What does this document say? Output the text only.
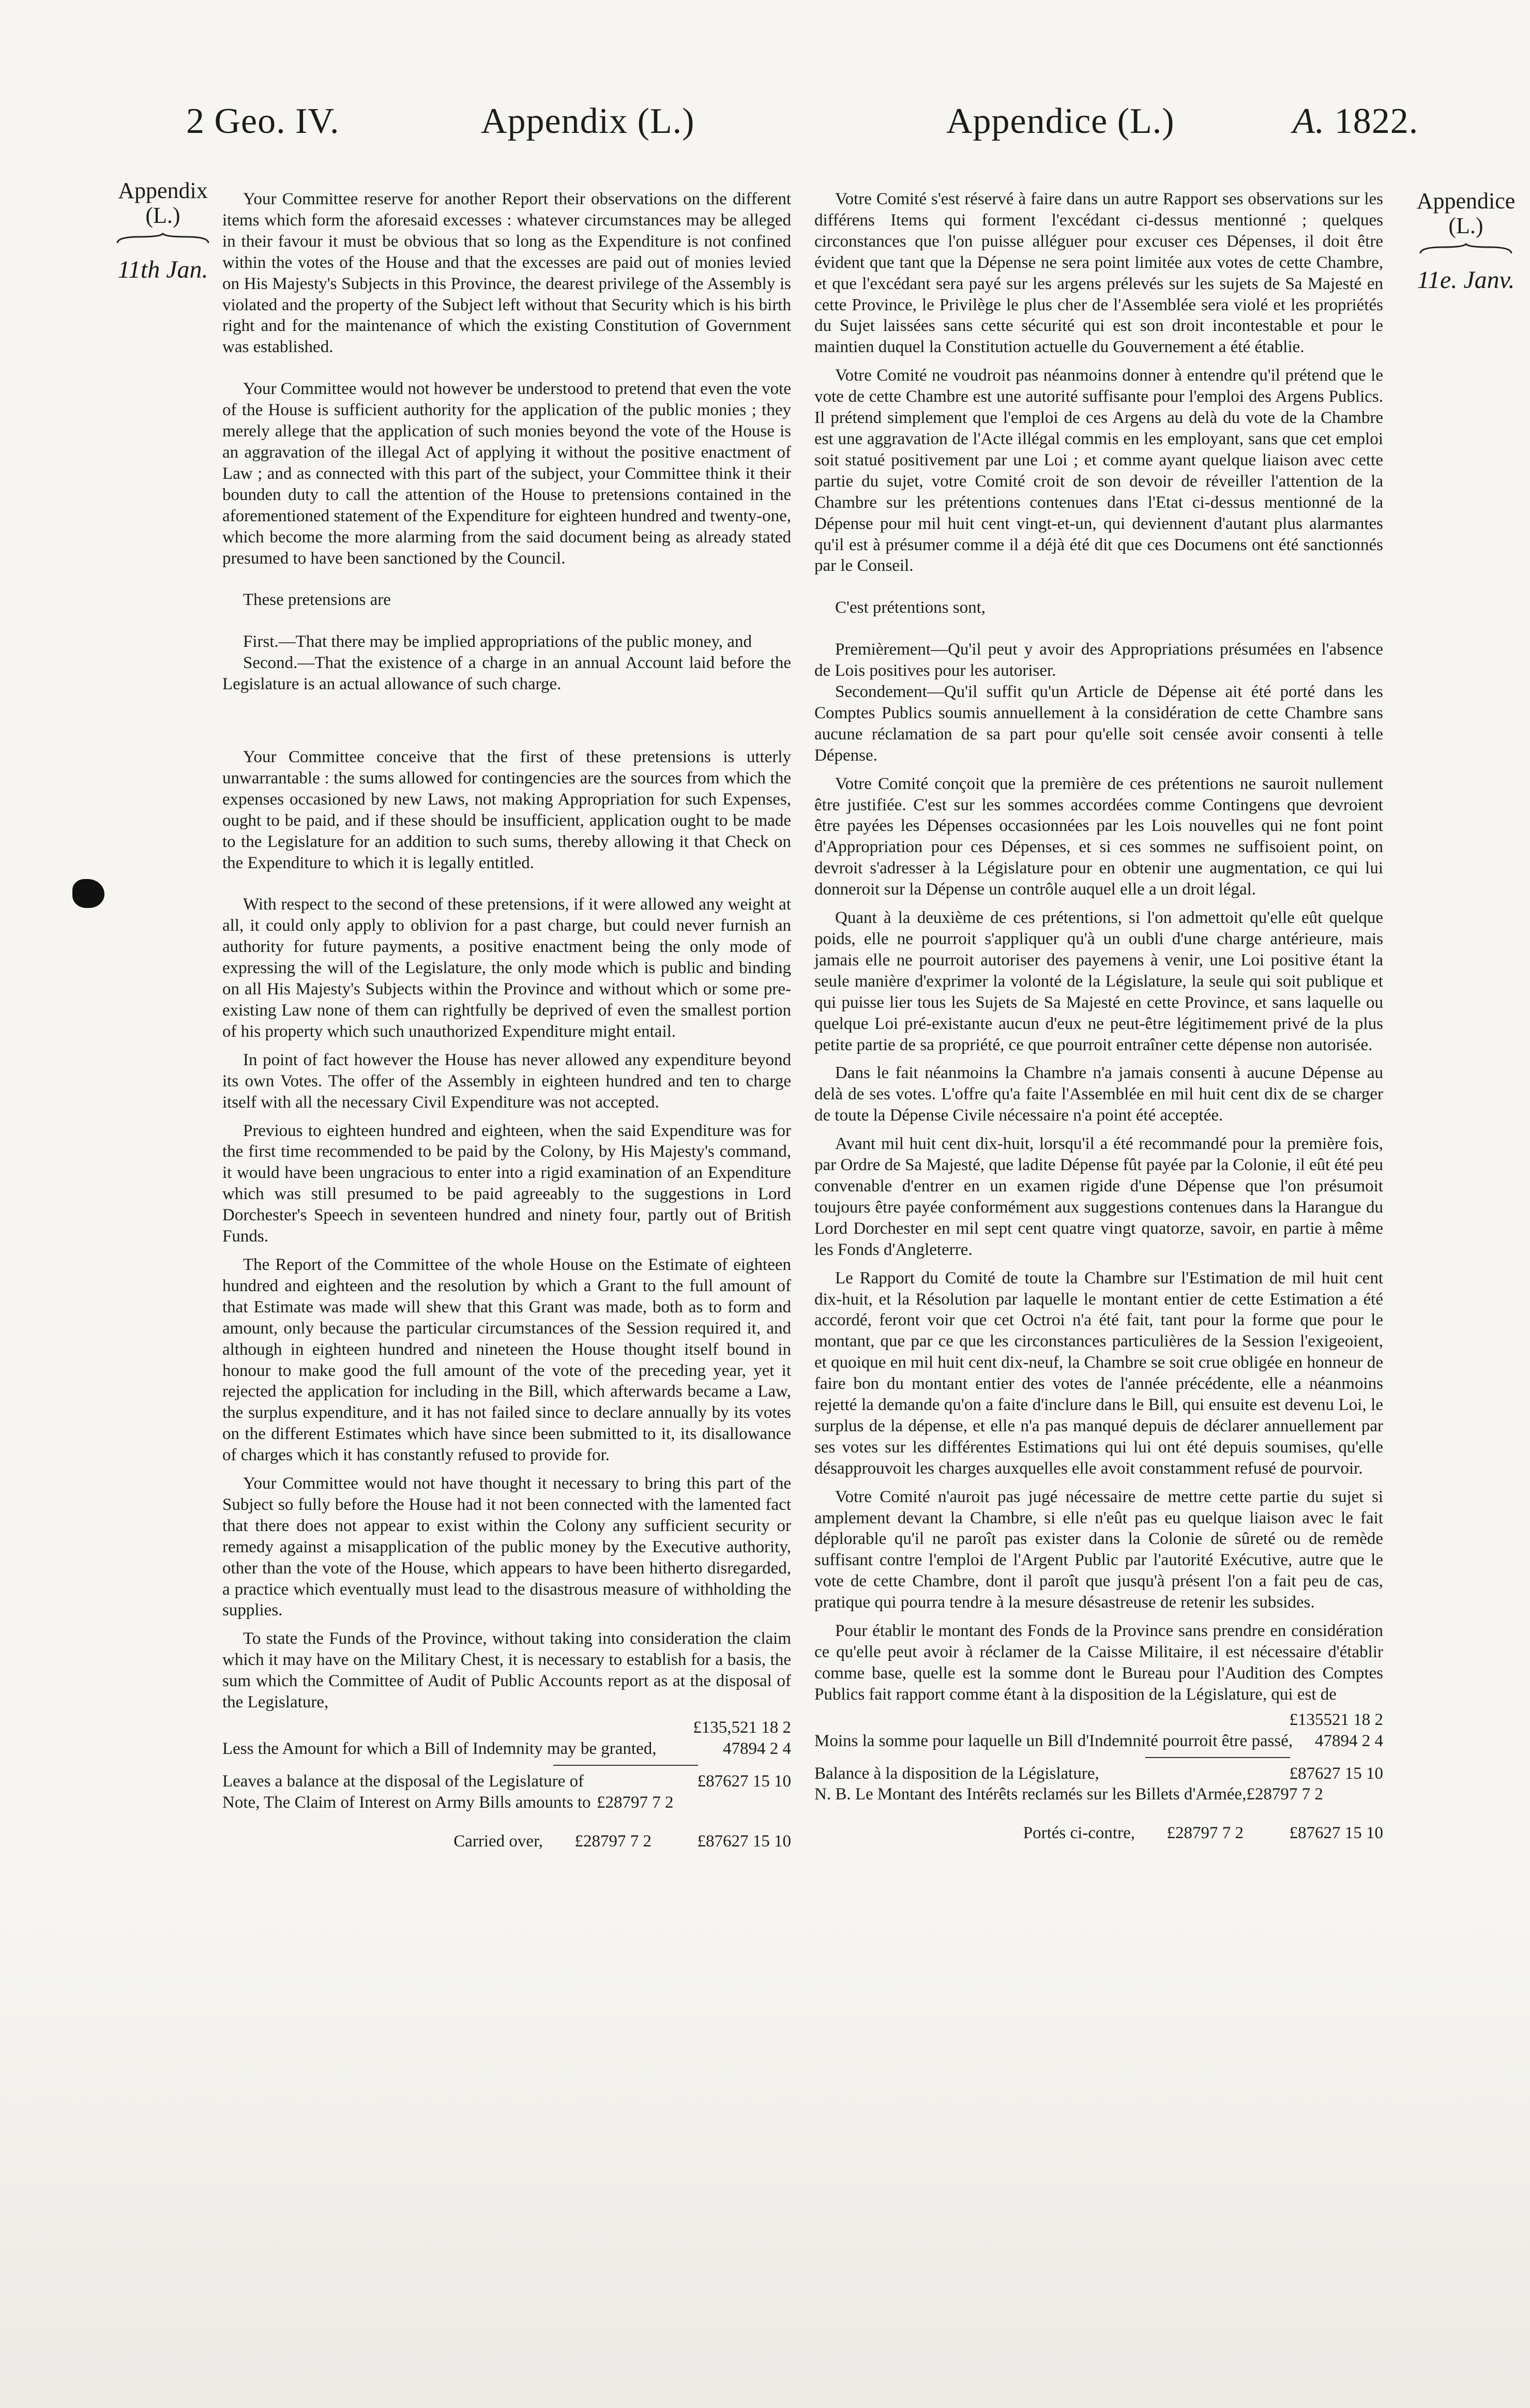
2 Geo. IV.	Appendix (L.)	Appendice (L.)	A. 1822.
Appendix
(L.)
11th Jan.
Appendice
(L.)
11e. Janv.

Your Committee reserve for another Report their observations on the different items which form the aforesaid excesses : whatever circumstances may be alleged in their favour it must be obvious that so long as the Expenditure is not confined within the votes of the House and that the excesses are paid out of monies levied on His Majesty's Subjects in this Province, the dearest privilege of the Assembly is violated and the property of the Subject left without that Security which is his birth right and for the maintenance of which the existing Constitution of Government was established.

Your Committee would not however be understood to pretend that even the vote of the House is sufficient authority for the application of the public monies ; they merely allege that the application of such monies beyond the vote of the House is an aggravation of the illegal Act of applying it without the positive enactment of Law ; and as connected with this part of the subject, your Committee think it their bounden duty to call the attention of the House to pretensions contained in the aforementioned statement of the Expenditure for eighteen hundred and twenty-one, which become the more alarming from the said document being as already stated presumed to have been sanctioned by the Council.

These pretensions are

First.—That there may be implied appropriations of the public money, and

Second.—That the existence of a charge in an annual Account laid before the Legislature is an actual allowance of such charge.

Your Committee conceive that the first of these pretensions is utterly unwarrantable : the sums allowed for contingencies are the sources from which the expenses occasioned by new Laws, not making Appropriation for such Expenses, ought to be paid, and if these should be insufficient, application ought to be made to the Legislature for an addition to such sums, thereby allowing it that Check on the Expenditure to which it is legally entitled.

With respect to the second of these pretensions, if it were allowed any weight at all, it could only apply to oblivion for a past charge, but could never furnish an authority for future payments, a positive enactment being the only mode of expressing the will of the Legislature, the only mode which is public and binding on all His Majesty's Subjects within the Province and without which or some pre-existing Law none of them can rightfully be deprived of even the smallest portion of his property which such unauthorized Expenditure might entail.

In point of fact however the House has never allowed any expenditure beyond its own Votes. The offer of the Assembly in eighteen hundred and ten to charge itself with all the necessary Civil Expenditure was not accepted.

Previous to eighteen hundred and eighteen, when the said Expenditure was for the first time recommended to be paid by the Colony, by His Majesty's command, it would have been ungracious to enter into a rigid examination of an Expenditure which was still presumed to be paid agreeably to the suggestions in Lord Dorchester's Speech in seventeen hundred and ninety four, partly out of British Funds.

The Report of the Committee of the whole House on the Estimate of eighteen hundred and eighteen and the resolution by which a Grant to the full amount of that Estimate was made will shew that this Grant was made, both as to form and amount, only because the particular circumstances of the Session required it, and although in eighteen hundred and nineteen the House thought itself bound in honour to make good the full amount of the vote of the preceding year, yet it rejected the application for including in the Bill, which afterwards became a Law, the surplus expenditure, and it has not failed since to declare annually by its votes on the different Estimates which have since been submitted to it, its disallowance of charges which it has constantly refused to provide for.

Your Committee would not have thought it necessary to bring this part of the Subject so fully before the House had it not been connected with the lamented fact that there does not appear to exist within the Colony any sufficient security or remedy against a misapplication of the public money by the Executive authority, other than the vote of the House, which appears to have been hitherto disregarded, a practice which eventually must lead to the disastrous measure of withholding the supplies.

To state the Funds of the Province, without taking into consideration the claim which it may have on the Military Chest, it is necessary to establish for a basis, the sum which the Committee of Audit of Public Accounts report as at the disposal of the Legislature,

£135,521 18 2
Less the Amount for which a Bill of Indemnity may be granted,	47894 2 4
Leaves a balance at the disposal of the Legislature of	£87627 15 10
Note, The Claim of Interest on Army Bills amounts to £28797 7 2
Carried over,	£28797 7 2	£87627 15 10

Votre Comité s'est réservé à faire dans un autre Rapport ses observations sur les différens Items qui forment l'excédant ci-dessus mentionné ; quelques circonstances que l'on puisse alléguer pour excuser ces Dépenses, il doit être évident que tant que la Dépense ne sera point limitée aux votes de cette Chambre, et que l'excédant sera payé sur les argens prélevés sur les sujets de Sa Majesté en cette Province, le Privilège le plus cher de l'Assemblée sera violé et les propriétés du Sujet laissées sans cette sécurité qui est son droit incontestable et pour le maintien duquel la Constitution actuelle du Gouvernement a été établie.

Votre Comité ne voudroit pas néanmoins donner à entendre qu'il prétend que le vote de cette Chambre est une autorité suffisante pour l'emploi des Argens Publics. Il prétend simplement que l'emploi de ces Argens au delà du vote de la Chambre est une aggravation de l'Acte illégal commis en les employant, sans que cet emploi soit statué positivement par une Loi ; et comme ayant quelque liaison avec cette partie du sujet, votre Comité croit de son devoir de réveiller l'attention de la Chambre sur les prétentions contenues dans l'Etat ci-dessus mentionné de la Dépense pour mil huit cent vingt-et-un, qui deviennent d'autant plus alarmantes qu'il est à présumer comme il a déjà été dit que ces Documens ont été sanctionnés par le Conseil.

C'est prétentions sont,

Premièrement—Qu'il peut y avoir des Appropriations présumées en l'absence de Lois positives pour les autoriser.

Secondement—Qu'il suffit qu'un Article de Dépense ait été porté dans les Comptes Publics soumis annuellement à la considération de cette Chambre sans aucune réclamation de sa part pour qu'elle soit censée avoir consenti à telle Dépense.

Votre Comité conçoit que la première de ces prétentions ne sauroit nullement être justifiée. C'est sur les sommes accordées comme Contingens que devroient être payées les Dépenses occasionnées par les Lois nouvelles qui ne font point d'Appropriation pour ces Dépenses, et si ces sommes ne suffisoient point, on devroit s'adresser à la Législature pour en obtenir une augmentation, ce qui lui donneroit sur la Dépense un contrôle auquel elle a un droit légal.

Quant à la deuxième de ces prétentions, si l'on admettoit qu'elle eût quelque poids, elle ne pourroit s'appliquer qu'à un oubli d'une charge antérieure, mais jamais elle ne pourroit autoriser des payemens à venir, une Loi positive étant la seule manière d'exprimer la volonté de la Législature, la seule qui soit publique et qui puisse lier tous les Sujets de Sa Majesté en cette Province, et sans laquelle ou quelque Loi pré-existante aucun d'eux ne peut-être légitimement privé de la plus petite partie de sa propriété, ce que pourroit entraîner cette dépense non autorisée.

Dans le fait néanmoins la Chambre n'a jamais consenti à aucune Dépense au delà de ses votes. L'offre qu'a faite l'Assemblée en mil huit cent dix de se charger de toute la Dépense Civile nécessaire n'a point été acceptée.

Avant mil huit cent dix-huit, lorsqu'il a été recommandé pour la première fois, par Ordre de Sa Majesté, que ladite Dépense fût payée par la Colonie, il eût été peu convenable d'entrer en un examen rigide d'une Dépense que l'on présumoit toujours être payée conformément aux suggestions contenues dans la Harangue du Lord Dorchester en mil sept cent quatre vingt quatorze, savoir, en partie à même les Fonds d'Angleterre.

Le Rapport du Comité de toute la Chambre sur l'Estimation de mil huit cent dix-huit, et la Résolution par laquelle le montant entier de cette Estimation a été accordé, feront voir que cet Octroi n'a été fait, tant pour la forme que pour le montant, que par ce que les circonstances particulières de la Session l'exigeoient, et quoique en mil huit cent dix-neuf, la Chambre se soit crue obligée en honneur de faire bon du montant entier des votes de l'année précédente, elle a néanmoins rejetté la demande qu'on a faite d'inclure dans le Bill, qui ensuite est devenu Loi, le surplus de la dépense, et elle n'a pas manqué depuis de déclarer annuellement par ses votes sur les différentes Estimations qui lui ont été depuis soumises, qu'elle désapprouvoit les charges auxquelles elle avoit constamment refusé de pourvoir.

Votre Comité n'auroit pas jugé nécessaire de mettre cette partie du sujet si amplement devant la Chambre, si elle n'eût pas eu quelque liaison avec le fait déplorable qu'il ne paroît pas exister dans la Colonie de sûreté ou de remède suffisant contre l'emploi de l'Argent Public par l'autorité Exécutive, autre que le vote de cette Chambre, dont il paroît que jusqu'à présent l'on a fait peu de cas, pratique qui pourra tendre à la mesure désastreuse de retenir les subsides.

Pour établir le montant des Fonds de la Province sans prendre en considération ce qu'elle peut avoir à réclamer de la Caisse Militaire, il est nécessaire d'établir comme base, quelle est la somme dont le Bureau pour l'Audition des Comptes Publics fait rapport comme étant à la disposition de la Législature, qui est de

£135521 18 2
Moins la somme pour laquelle un Bill d'Indemnité pourroit être passé,	47894 2 4
Balance à la disposition de la Législature,	£87627 15 10
N. B. Le Montant des Intérêts reclamés sur les Billets d'Armée, £28797 7 2
Portés ci-contre,	£28797 7 2	£87627 15 10
